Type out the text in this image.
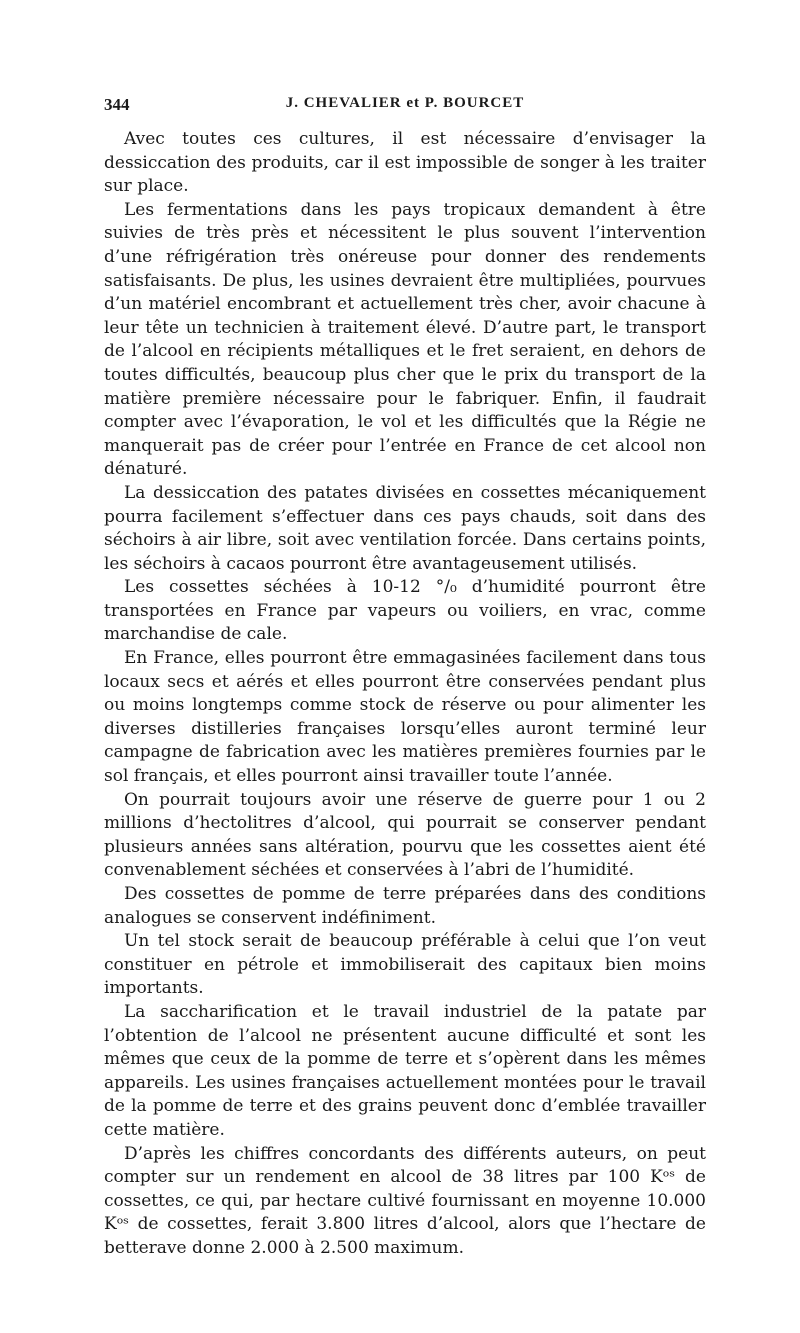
344	J. CHEVALIER et P. BOURCET

Avec toutes ces cultures, il est nécessaire d’envisager la dessiccation des produits, car il est impossible de songer à les traiter sur place.

Les fermentations dans les pays tropicaux demandent à être suivies de très près et nécessitent le plus souvent l’intervention d’une réfrigération très onéreuse pour donner des rendements satisfaisants. De plus, les usines devraient être multipliées, pourvues d’un matériel encombrant et actuellement très cher, avoir chacune à leur tête un technicien à traitement élevé. D’autre part, le transport de l’alcool en récipients métalliques et le fret seraient, en dehors de toutes difficultés, beaucoup plus cher que le prix du transport de la matière première nécessaire pour le fabriquer. Enfin, il faudrait compter avec l’évaporation, le vol et les difficultés que la Régie ne manquerait pas de créer pour l’entrée en France de cet alcool non dénaturé.

La dessiccation des patates divisées en cossettes mécaniquement pourra facilement s’effectuer dans ces pays chauds, soit dans des séchoirs à air libre, soit avec ventilation forcée. Dans certains points, les séchoirs à cacaos pourront être avantageusement utilisés.

Les cossettes séchées à 10-12 °/₀ d’humidité pourront être transportées en France par vapeurs ou voiliers, en vrac, comme marchandise de cale.

En France, elles pourront être emmagasinées facilement dans tous locaux secs et aérés et elles pourront être conservées pendant plus ou moins longtemps comme stock de réserve ou pour alimenter les diverses distilleries françaises lorsqu’elles auront terminé leur campagne de fabrication avec les matières premières fournies par le sol français, et elles pourront ainsi travailler toute l’année.

On pourrait toujours avoir une réserve de guerre pour 1 ou 2 millions d’hectolitres d’alcool, qui pourrait se conserver pendant plusieurs années sans altération, pourvu que les cossettes aient été convenablement séchées et conservées à l’abri de l’humidité.

Des cossettes de pomme de terre préparées dans des conditions analogues se conservent indéfiniment.

Un tel stock serait de beaucoup préférable à celui que l’on veut constituer en pétrole et immobiliserait des capitaux bien moins importants.

La saccharification et le travail industriel de la patate par l’obtention de l’alcool ne présentent aucune difficulté et sont les mêmes que ceux de la pomme de terre et s’opèrent dans les mêmes appareils. Les usines françaises actuellement montées pour le travail de la pomme de terre et des grains peuvent donc d’emblée travailler cette matière.

D’après les chiffres concordants des différents auteurs, on peut compter sur un rendement en alcool de 38 litres par 100 Kᵒˢ de cossettes, ce qui, par hectare cultivé fournissant en moyenne 10.000 Kᵒˢ de cossettes, ferait 3.800 litres d’alcool, alors que l’hectare de betterave donne 2.000 à 2.500 maximum.
